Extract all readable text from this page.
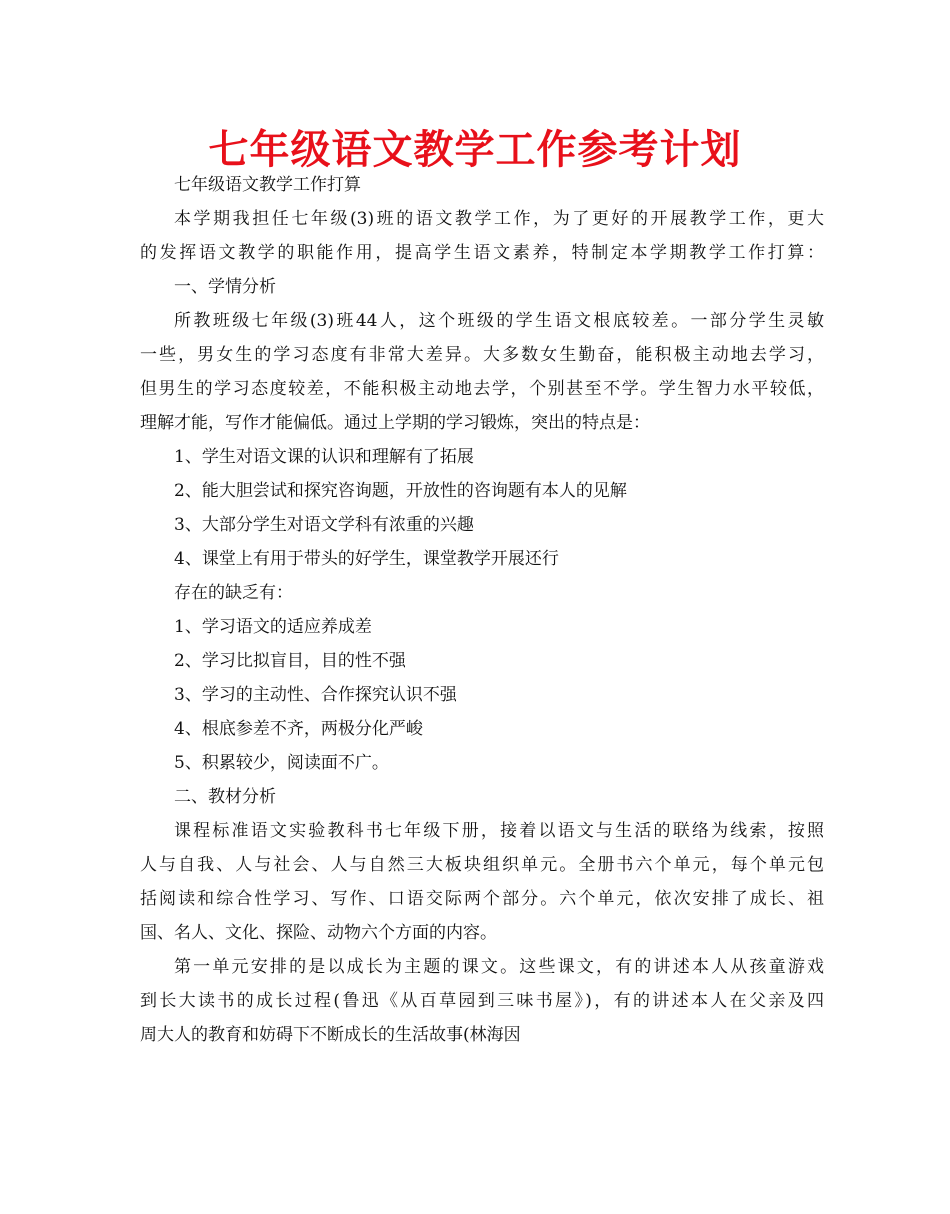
七年级语文教学工作参考计划
七年级语文教学工作打算
本学期我担任七年级(3)班的语文教学工作，为了更好的开展教学工作，更大
的发挥语文教学的职能作用，提高学生语文素养，特制定本学期教学工作打算：
一、学情分析
所教班级七年级(3)班44人，这个班级的学生语文根底较差。一部分学生灵敏
一些，男女生的学习态度有非常大差异。大多数女生勤奋，能积极主动地去学习，
但男生的学习态度较差，不能积极主动地去学，个别甚至不学。学生智力水平较低，
理解才能，写作才能偏低。通过上学期的学习锻炼，突出的特点是：
1、学生对语文课的认识和理解有了拓展
2、能大胆尝试和探究咨询题，开放性的咨询题有本人的见解
3、大部分学生对语文学科有浓重的兴趣
4、课堂上有用于带头的好学生，课堂教学开展还行
存在的缺乏有：
1、学习语文的适应养成差
2、学习比拟盲目，目的性不强
3、学习的主动性、合作探究认识不强
4、根底参差不齐，两极分化严峻
5、积累较少，阅读面不广。
二、教材分析
课程标准语文实验教科书七年级下册，接着以语文与生活的联络为线索，按照
人与自我、人与社会、人与自然三大板块组织单元。全册书六个单元，每个单元包
括阅读和综合性学习、写作、口语交际两个部分。六个单元，依次安排了成长、祖
国、名人、文化、探险、动物六个方面的内容。
第一单元安排的是以成长为主题的课文。这些课文，有的讲述本人从孩童游戏
到长大读书的成长过程(鲁迅《从百草园到三味书屋》)，有的讲述本人在父亲及四
周大人的教育和妨碍下不断成长的生活故事(林海因
